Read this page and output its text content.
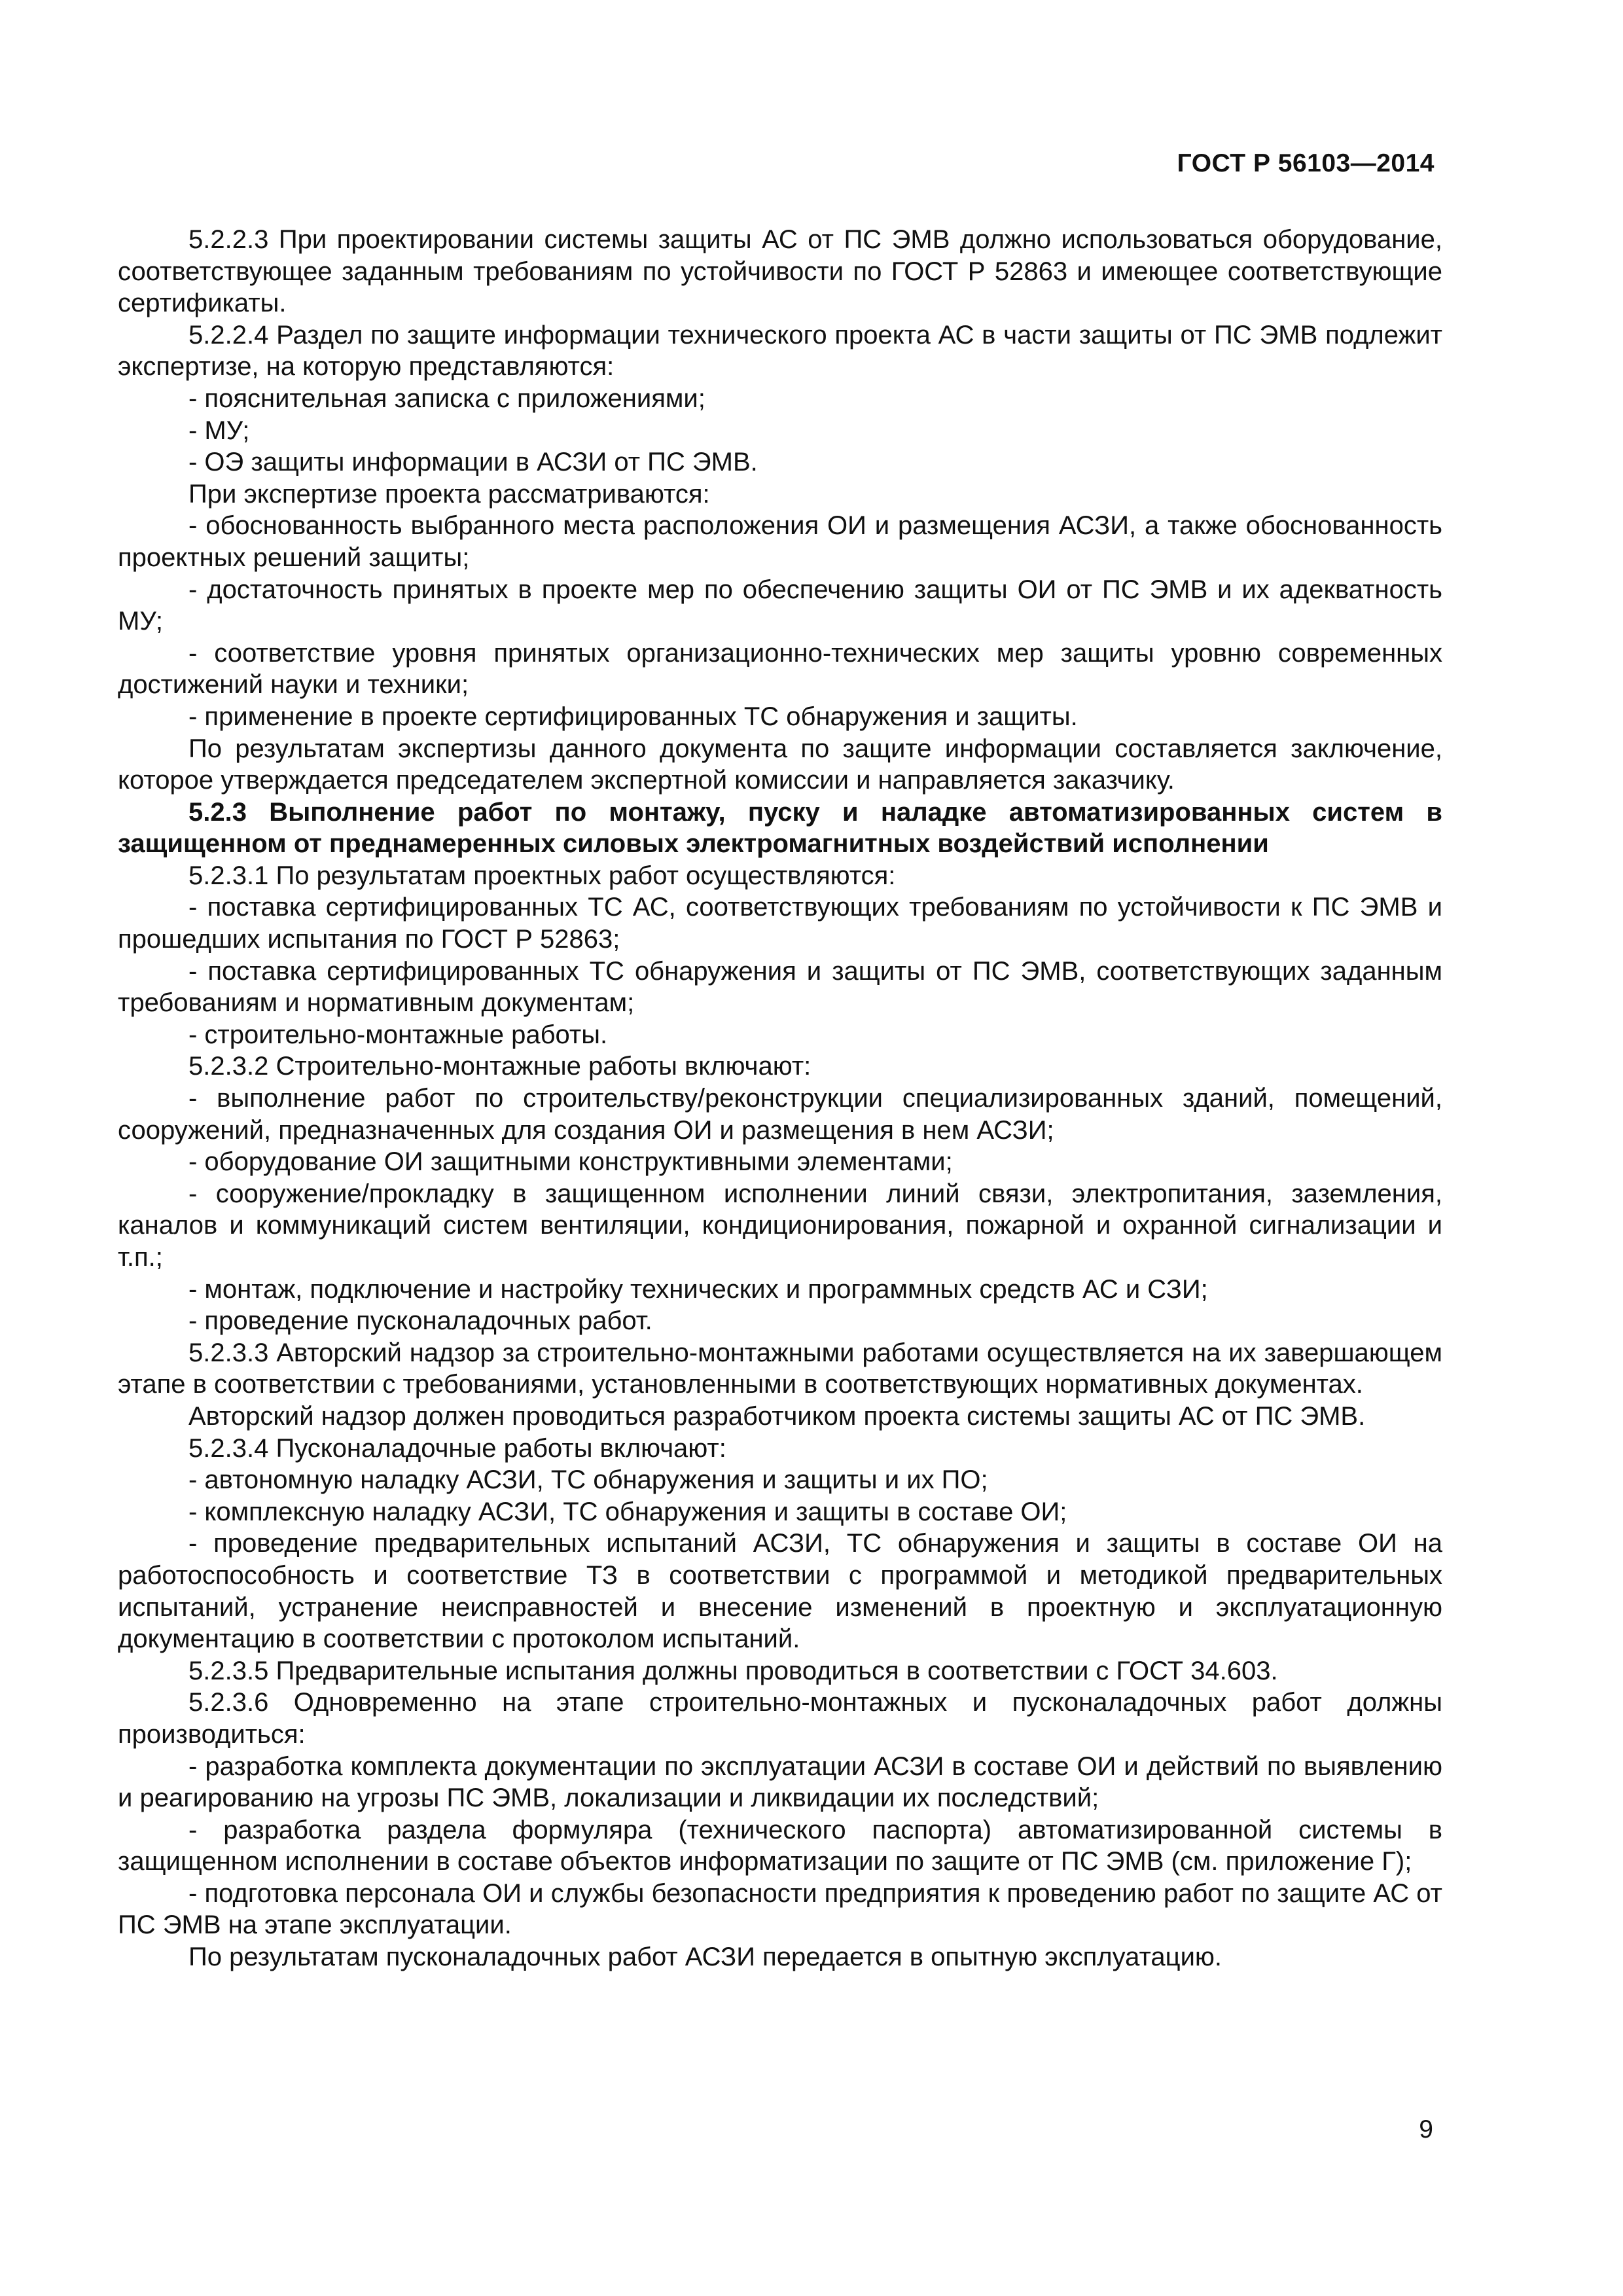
ГОСТ Р 56103—2014

5.2.2.3 При проектировании системы защиты АС от ПС ЭМВ должно использоваться оборудование, соответствующее заданным требованиям по устойчивости по ГОСТ Р 52863 и имеющее соответствующие сертификаты.

5.2.2.4 Раздел по защите информации технического проекта АС в части защиты от ПС ЭМВ подлежит экспертизе, на которую представляются:

- пояснительная записка с приложениями;

- МУ;

- ОЭ защиты информации в АСЗИ от ПС ЭМВ.

При экспертизе проекта рассматриваются:

- обоснованность выбранного места расположения ОИ и размещения АСЗИ, а также обоснованность проектных решений защиты;

- достаточность принятых в проекте мер по обеспечению защиты ОИ от ПС ЭМВ и их адекватность МУ;

- соответствие уровня принятых организационно-технических мер защиты уровню современных достижений науки и техники;

- применение в проекте сертифицированных ТС обнаружения и защиты.

По результатам экспертизы данного документа по защите информации составляется заключение, которое утверждается председателем экспертной комиссии и направляется заказчику.

5.2.3 Выполнение работ по монтажу, пуску и наладке автоматизированных систем в защищенном от преднамеренных силовых электромагнитных воздействий исполнении

5.2.3.1 По результатам проектных работ осуществляются:

- поставка сертифицированных ТС АС, соответствующих требованиям по устойчивости к ПС ЭМВ и прошедших испытания по ГОСТ Р 52863;

- поставка сертифицированных ТС обнаружения и защиты от ПС ЭМВ, соответствующих заданным требованиям и нормативным документам;

- строительно-монтажные работы.

5.2.3.2 Строительно-монтажные работы включают:

- выполнение работ по строительству/реконструкции специализированных зданий, помещений, сооружений, предназначенных для создания ОИ и размещения в нем АСЗИ;

- оборудование ОИ защитными конструктивными элементами;

- сооружение/прокладку в защищенном исполнении линий связи, электропитания, заземления, каналов и коммуникаций систем вентиляции, кондиционирования, пожарной и охранной сигнализации и т.п.;

- монтаж, подключение и настройку технических и программных средств АС и СЗИ;

- проведение пусконаладочных работ.

5.2.3.3 Авторский надзор за строительно-монтажными работами осуществляется на их завершающем этапе в соответствии с требованиями, установленными в соответствующих нормативных документах.

Авторский надзор должен проводиться разработчиком проекта системы защиты АС от ПС ЭМВ.

5.2.3.4 Пусконаладочные работы включают:

- автономную наладку АСЗИ, ТС обнаружения и защиты и их ПО;

- комплексную наладку АСЗИ, ТС обнаружения и защиты в составе ОИ;

- проведение предварительных испытаний АСЗИ, ТС обнаружения и защиты в составе ОИ на работоспособность и соответствие ТЗ в соответствии с программой и методикой предварительных испытаний, устранение неисправностей и внесение изменений в проектную и эксплуатационную документацию в соответствии с протоколом испытаний.

5.2.3.5 Предварительные испытания должны проводиться в соответствии с ГОСТ 34.603.

5.2.3.6 Одновременно на этапе строительно-монтажных и пусконаладочных работ должны производиться:

- разработка комплекта документации по эксплуатации АСЗИ в составе ОИ и действий по выявлению и реагированию на угрозы ПС ЭМВ, локализации и ликвидации их последствий;

- разработка раздела формуляра (технического паспорта) автоматизированной системы в защищенном исполнении в составе объектов информатизации по защите от ПС ЭМВ (см. приложение Г);

- подготовка персонала ОИ и службы безопасности предприятия к проведению работ по защите АС от ПС ЭМВ на этапе эксплуатации.

По результатам пусконаладочных работ АСЗИ передается в опытную эксплуатацию.

9
